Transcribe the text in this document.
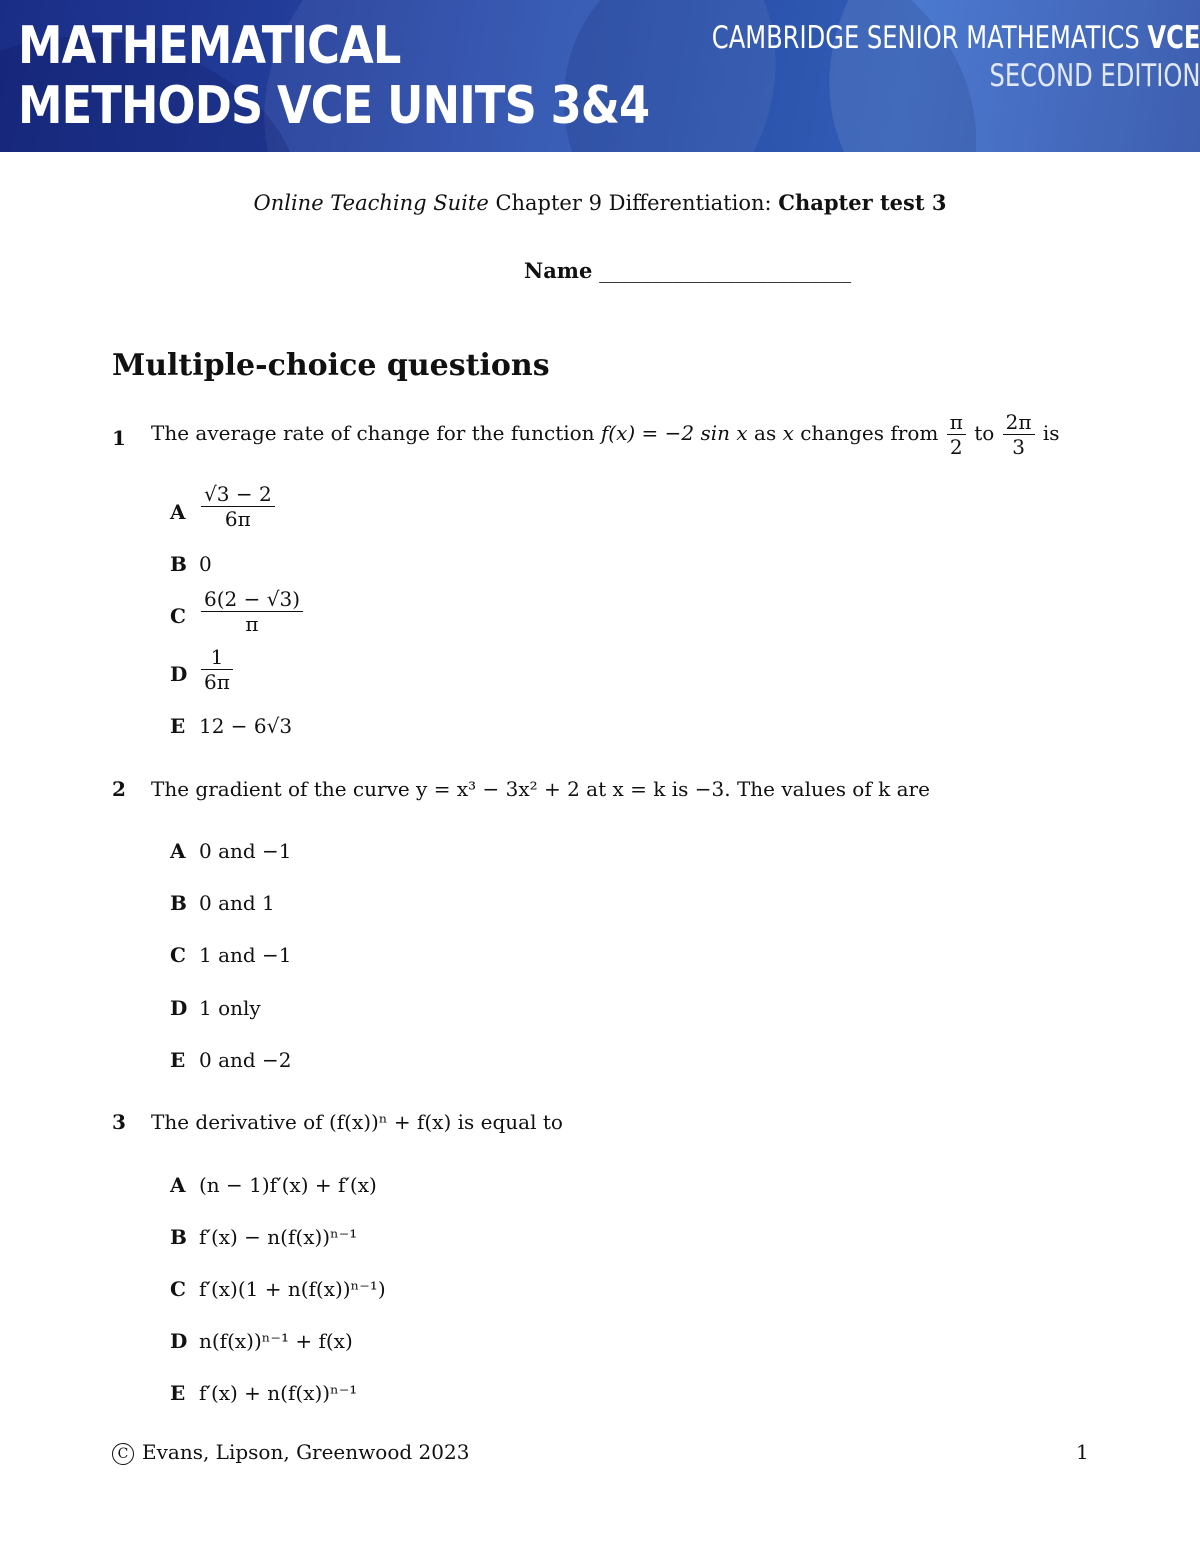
MATHEMATICAL
METHODS VCE UNITS 3&4
CAMBRIDGE SENIOR MATHEMATICS VCE
SECOND EDITION
Online Teaching Suite Chapter 9 Differentiation: Chapter test 3
Name ________________________
Multiple-choice questions
1 The average rate of change for the function f(x) = −2 sin x as x changes from $\frac{\pi}{2}$ to $\frac{2\pi}{3}$ is
A $\frac{√3 - 2}{6\pi}$
B 0
C $\frac{6(2 - √3)}{\pi}$
D $\frac{1}{6\pi}$
E 12 − 6√3
2 The gradient of the curve y = x³ − 3x² + 2 at x = k is −3. The values of k are
A 0 and −1
B 0 and 1
C 1 and −1
D 1 only
E 0 and −2
3 The derivative of (f(x))ⁿ + f(x) is equal to
A (n − 1)f′(x) + f′(x)
B f′(x) − n(f(x))ⁿ⁻¹
C f′(x)(1 + n(f(x))ⁿ⁻¹)
D n(f(x))ⁿ⁻¹ + f(x)
E f′(x) + n(f(x))ⁿ⁻¹
C Evans, Lipson, Greenwood 2023	1
